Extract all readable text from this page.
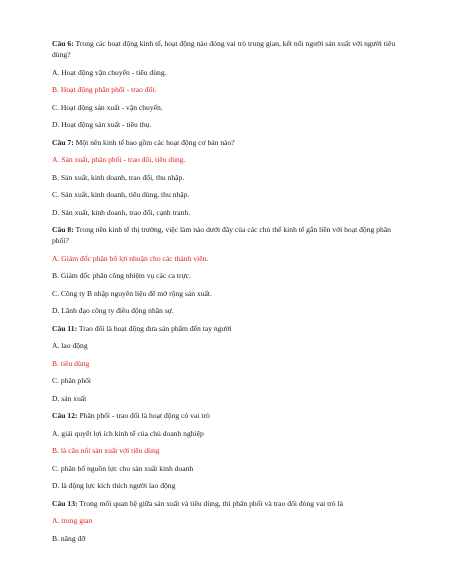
Câu 6: Trong các hoạt động kinh tế, hoạt động nào đóng vai trò trung gian, kết nối người sản xuất với người tiêu dùng?
A. Hoạt động vận chuyển - tiêu dùng.
B. Hoạt động phân phối - trao đổi.
C. Hoạt động sản xuất - vận chuyển.
D. Hoạt động sản xuất - tiêu thụ.
Câu 7: Một nền kinh tế bao gồm các hoạt động cơ bản nào?
A. Sản xuất, phân phối - trao đổi, tiêu dùng.
B. Sản xuất, kinh doanh, trao đổi, thu nhập.
C. Sản xuất, kinh doanh, tiêu dùng, thu nhập.
D. Sản xuất, kinh doanh, trao đổi, cạnh tranh.
Câu 8: Trong nền kinh tế thị trường, việc làm nào dưới đây của các chủ thể kinh tế gắn liền với hoạt động phân phối?
A. Giám đốc phân bổ lợi nhuận cho các thành viên.
B. Giám đốc phân công nhiệm vụ các ca trực.
C. Công ty B nhập nguyên liệu để mở rộng sản xuất.
D. Lãnh đạo công ty điều động nhân sự.
Câu 11: Trao đổi là hoạt động đưa sản phẩm đến tay người
A. lao động
B. tiêu dùng
C. phân phối
D. sản xuất
Câu 12: Phân phối - trao đổi là hoạt động có vai trò
A. giải quyết lợi ích kinh tế của chủ doanh nghiệp
B. là cầu nối sản xuất với tiêu dùng
C. phân bổ nguồn lực cho sản xuất kinh doanh
D. là động lực kích thích người lao động
Câu 13: Trong mối quan hệ giữa sản xuất và tiêu dùng, thì phân phối và trao đổi đóng vai trò là
A. trung gian
B. nâng đỡ
